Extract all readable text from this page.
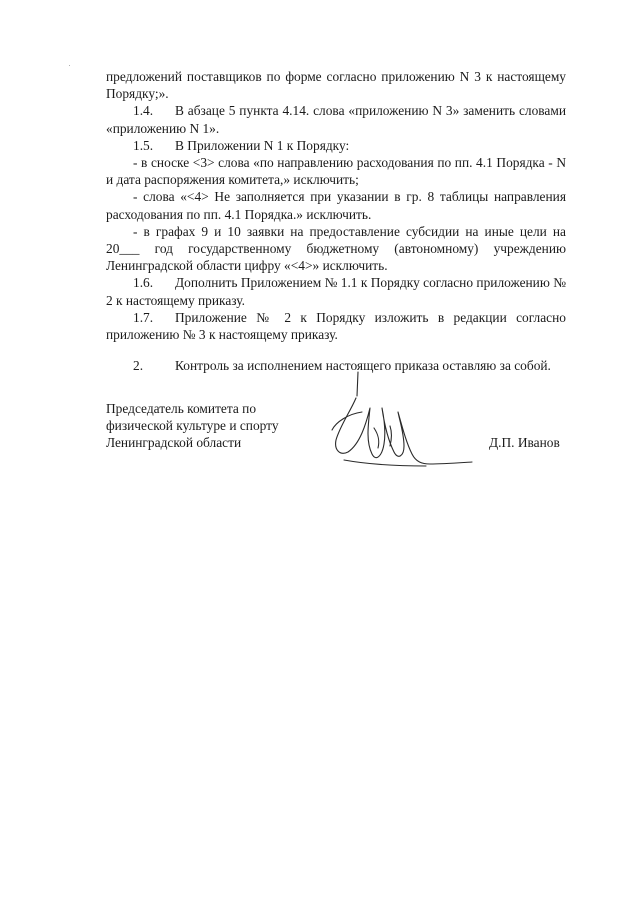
предложений поставщиков по форме согласно приложению N 3 к настоящему Порядку;».

1.4. В абзаце 5 пункта 4.14. слова «приложению N 3» заменить словами «приложению N 1».

1.5. В Приложении N 1 к Порядку:

- в сноске <3> слова «по направлению расходования по пп. 4.1 Порядка - N и дата распоряжения комитета,» исключить;

- слова «<4> Не заполняется при указании в гр. 8 таблицы направления расходования по пп. 4.1 Порядка.» исключить.

- в графах 9 и 10 заявки на предоставление субсидии на иные цели на 20___ год государственному бюджетному (автономному) учреждению Ленинградской области цифру «<4>» исключить.

1.6. Дополнить Приложением № 1.1 к Порядку согласно приложению № 2 к настоящему приказу.

1.7. Приложение № 2 к Порядку изложить в редакции согласно приложению № 3 к настоящему приказу.

2. Контроль за исполнением настоящего приказа оставляю за собой.

Председатель комитета по
физической культуре и спорту
Ленинградской области	Д.П. Иванов
